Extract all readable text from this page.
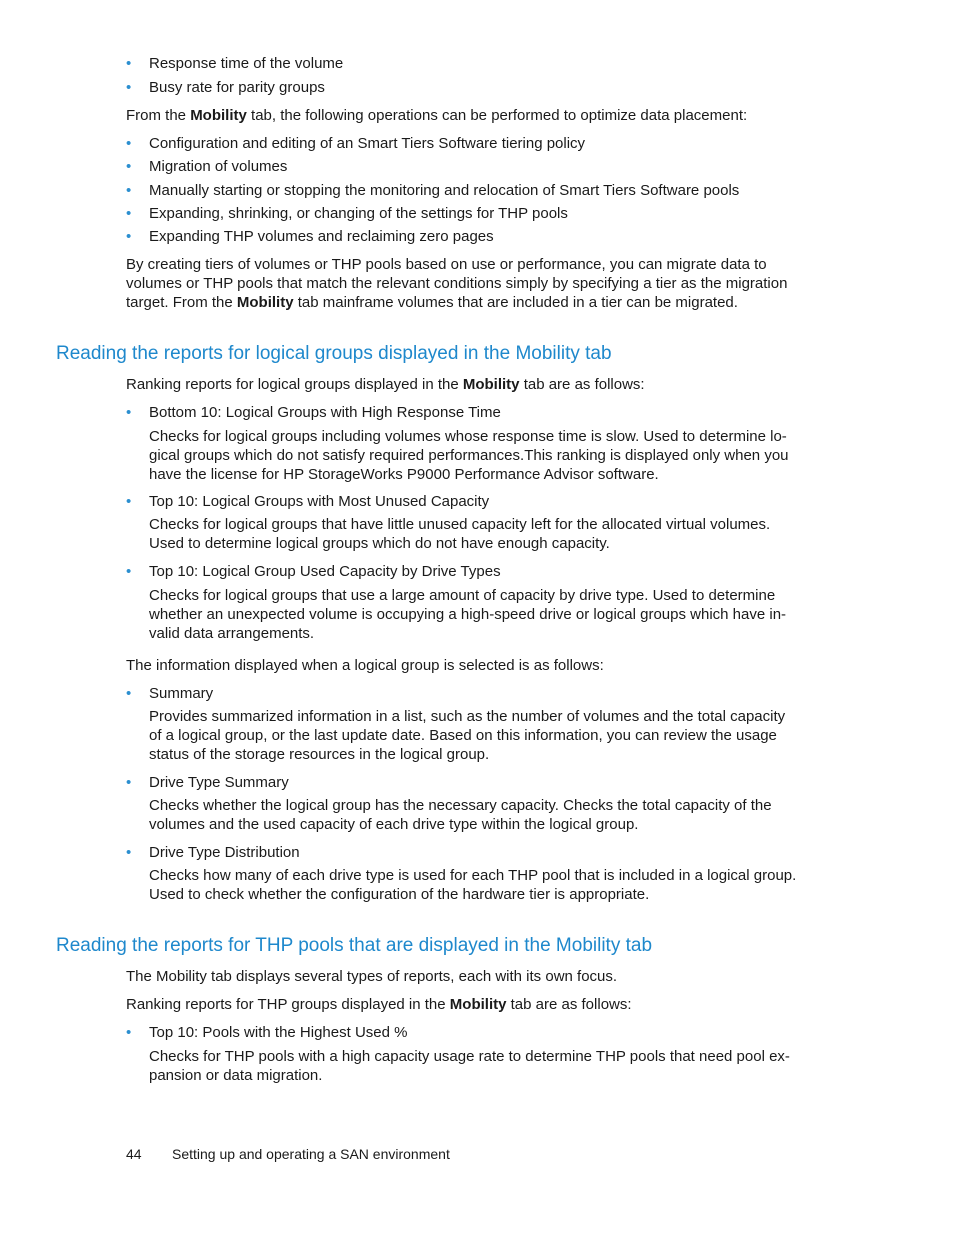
• Response time of the volume

• Busy rate for parity groups

From the Mobility tab, the following operations can be performed to optimize data placement:

• Configuration and editing of an Smart Tiers Software tiering policy

• Migration of volumes

• Manually starting or stopping the monitoring and relocation of Smart Tiers Software pools

• Expanding, shrinking, or changing of the settings for THP pools

• Expanding THP volumes and reclaiming zero pages

By creating tiers of volumes or THP pools based on use or performance, you can migrate data to volumes or THP pools that match the relevant conditions simply by specifying a tier as the migration target. From the Mobility tab mainframe volumes that are included in a tier can be migrated.

Reading the reports for logical groups displayed in the Mobility tab

Ranking reports for logical groups displayed in the Mobility tab are as follows:

• Bottom 10: Logical Groups with High Response Time

Checks for logical groups including volumes whose response time is slow. Used to determine lo-
gical groups which do not satisfy required performances.This ranking is displayed only when you
have the license for HP StorageWorks P9000 Performance Advisor software.

• Top 10: Logical Groups with Most Unused Capacity

Checks for logical groups that have little unused capacity left for the allocated virtual volumes.
Used to determine logical groups which do not have enough capacity.

• Top 10: Logical Group Used Capacity by Drive Types

Checks for logical groups that use a large amount of capacity by drive type. Used to determine
whether an unexpected volume is occupying a high-speed drive or logical groups which have in-
valid data arrangements.

The information displayed when a logical group is selected is as follows:

• Summary

Provides summarized information in a list, such as the number of volumes and the total capacity
of a logical group, or the last update date. Based on this information, you can review the usage
status of the storage resources in the logical group.

• Drive Type Summary

Checks whether the logical group has the necessary capacity. Checks the total capacity of the
volumes and the used capacity of each drive type within the logical group.

• Drive Type Distribution

Checks how many of each drive type is used for each THP pool that is included in a logical group.
Used to check whether the configuration of the hardware tier is appropriate.

Reading the reports for THP pools that are displayed in the Mobility tab

The Mobility tab displays several types of reports, each with its own focus.

Ranking reports for THP groups displayed in the Mobility tab are as follows:

• Top 10: Pools with the Highest Used %

Checks for THP pools with a high capacity usage rate to determine THP pools that need pool ex-
pansion or data migration.

44 Setting up and operating a SAN environment
